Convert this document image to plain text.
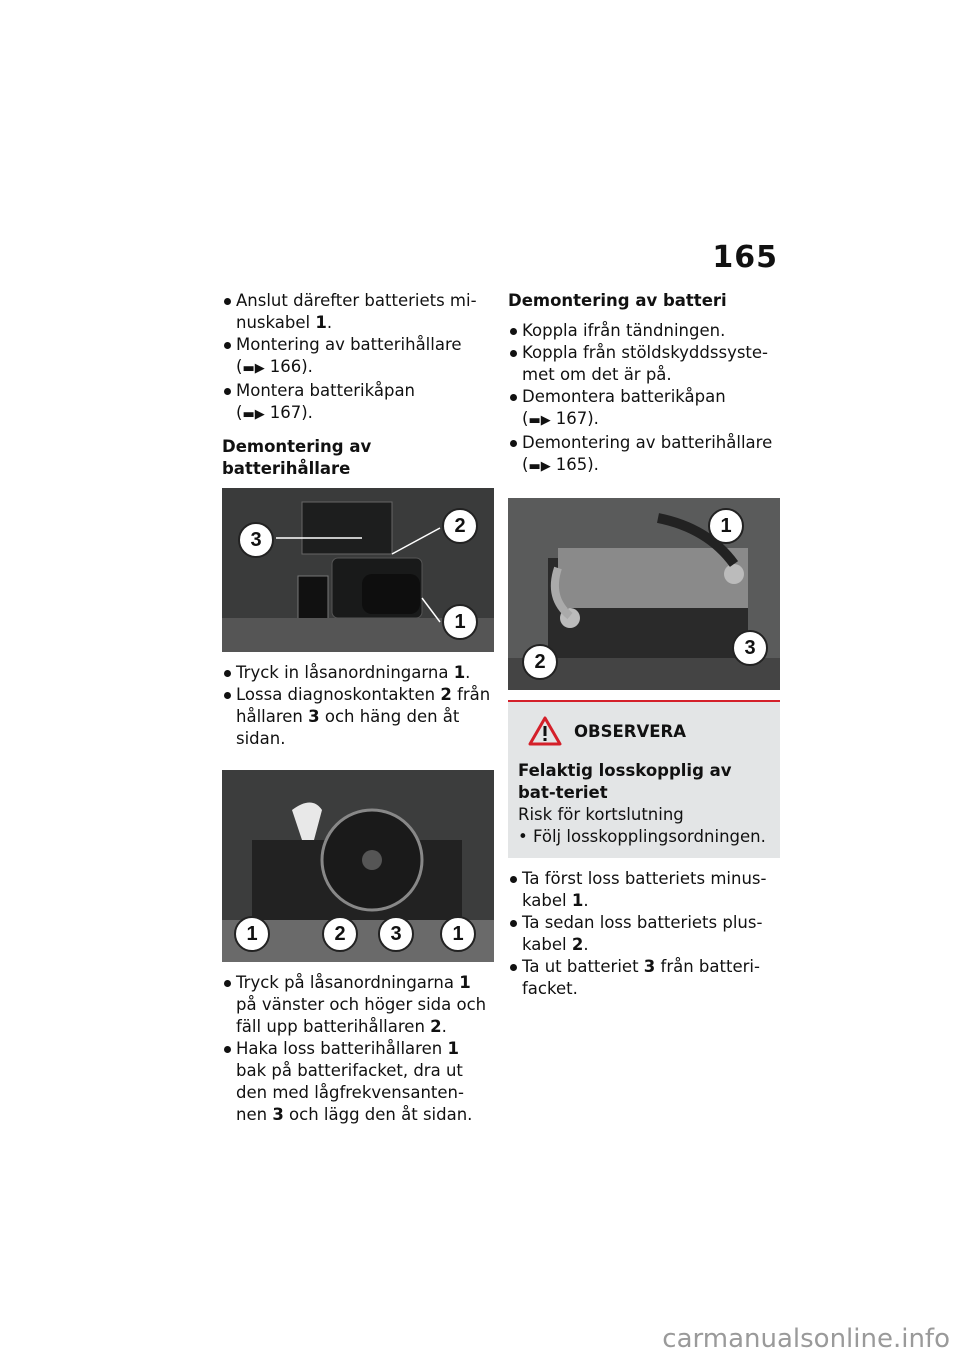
165

Anslut därefter batteriets mi- nuskabel 1.

Montering av batterihållare
(▬▶ 166).

Montera batterikåpan
(▬▶ 167).

Demontering av batterihållare
3
2
1

Tryck in låsanordningarna 1.

Lossa diagnoskontakten 2 från hållaren 3 och häng den åt sidan.

1	2	3	1

Tryck på låsanordningarna 1 på vänster och höger sida och fäll upp batterihållaren 2.

Haka loss batterihållaren 1 bak på batterifacket, dra ut den med lågfrekvensanten-nen 3 och lägg den åt sidan.

Demontering av batteri

Koppla ifrån tändningen.

Koppla från stöldskyddssyste-met om det är på.

Demontera batterikåpan
(▬▶ 167).

Demontering av batterihållare
(▬▶ 165).

1
2
3
OBSERVERA
Felaktig losskopplig av bat-teriet
Risk för kortslutning
• Följ losskopplingsordningen.

Ta först loss batteriets minus-kabel 1.

Ta sedan loss batteriets plus-kabel 2.

Ta ut batteriet 3 från batteri-facket.

carmanualsonline.info
